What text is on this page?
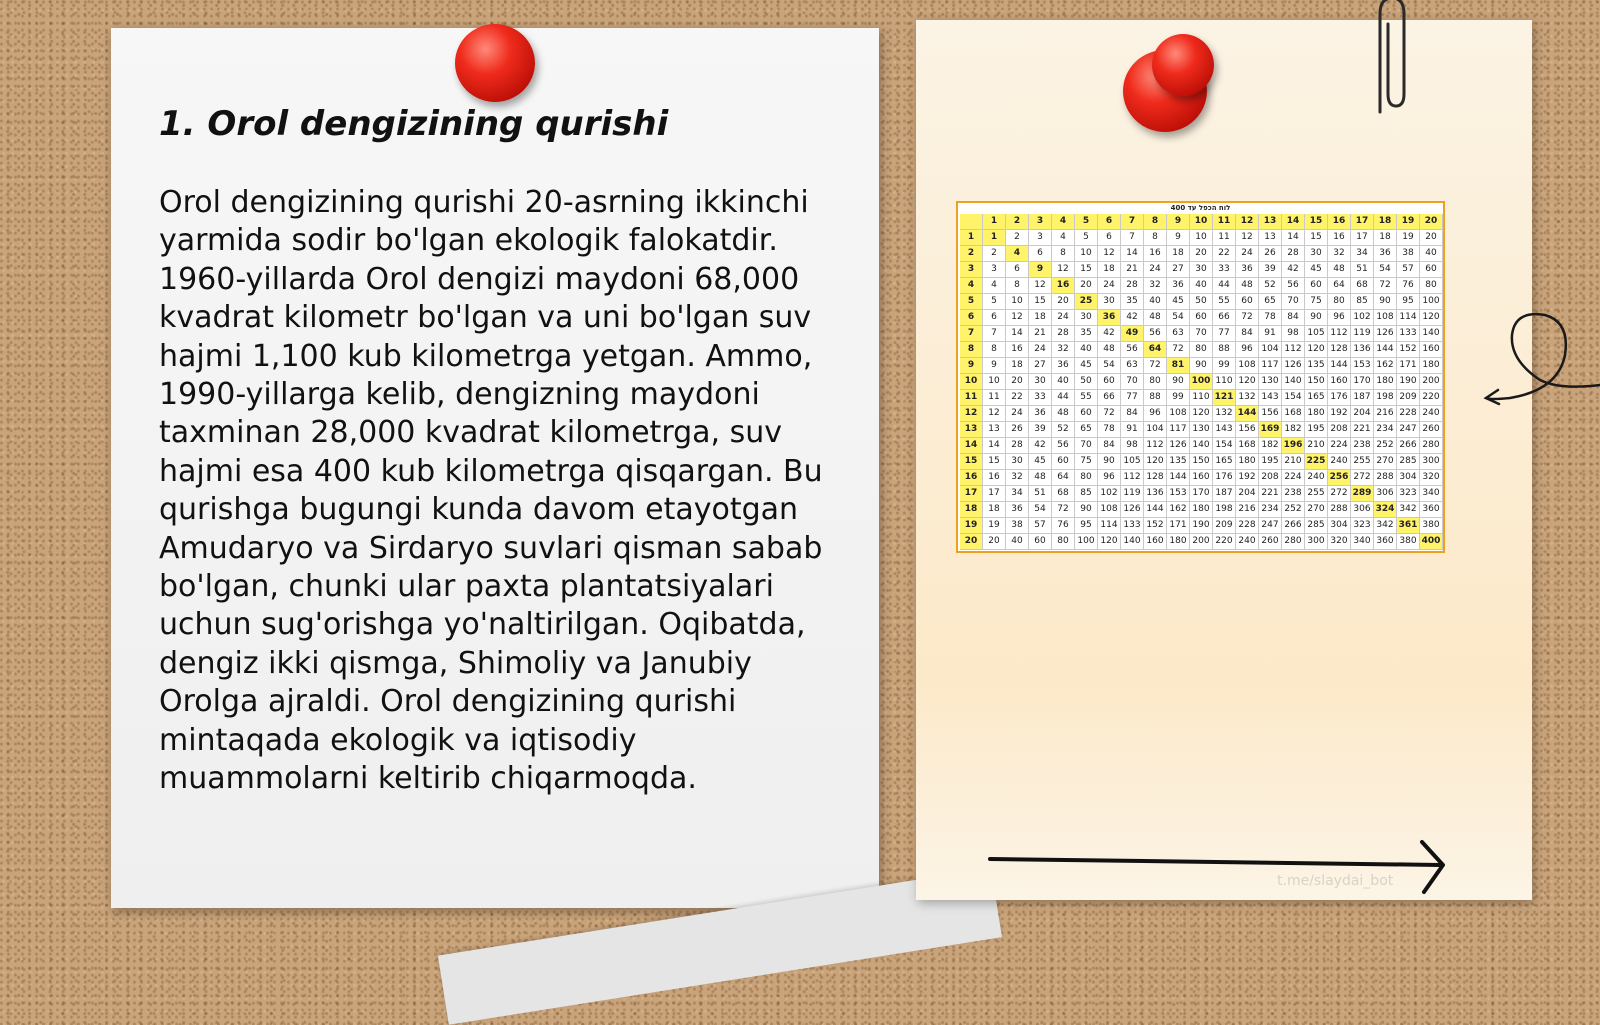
1. Orol dengizining qurishi

Orol dengizining qurishi 20-asrning ikkinchi yarmida sodir bo'lgan ekologik falokatdir. 1960-yillarda Orol dengizi maydoni 68,000 kvadrat kilometr bo'lgan va uni bo'lgan suv hajmi 1,100 kub kilometrga yetgan. Ammo, 1990-yillarga kelib, dengizning maydoni taxminan 28,000 kvadrat kilometrga, suv hajmi esa 400 kub kilometrga qisqargan. Bu qurishga bugungi kunda davom etayotgan Amudaryo va Sirdaryo suvlari qisman sabab bo'lgan, chunki ular paxta plantatsiyalari uchun sug'orishga yo'naltirilgan. Oqibatda, dengiz ikki qismga, Shimoliy va Janubiy Orolga ajraldi. Orol dengizining qurishi mintaqada ekologik va iqtisodiy muammolarni keltirib chiqarmoqda.

לוח הכפל עד 400
1	2	3	4	5	6	7	8	9	10	11	12	13	14	15	16	17	18	19	20
1	1	2	3	4	5	6	7	8	9	10	11	12	13	14	15	16	17	18	19	20
2	2	4	6	8	10	12	14	16	18	20	22	24	26	28	30	32	34	36	38	40
3	3	6	9	12	15	18	21	24	27	30	33	36	39	42	45	48	51	54	57	60
4	4	8	12	16	20	24	28	32	36	40	44	48	52	56	60	64	68	72	76	80
5	5	10	15	20	25	30	35	40	45	50	55	60	65	70	75	80	85	90	95 100
6	6	12	18	24	30	36	42	48	54	60	66	72	78	84	90	96 102 108 114 120
7	7	14	21	28	35	42	49	56	63	70	77	84	91	98 105 112 119 126 133 140
8	8	16	24	32	40	48	56	64	72	80	88	96 104 112 120 128 136 144 152 160
9	9	18	27	36	45	54	63	72	81	90	99 108 117 126 135 144 153 162 171 180
10	10	20	30	40	50	60	70	80	90 100 110 120 130 140 150 160 170 180 190 200
11	11	22	33	44	55	66	77	88	99 110 121 132 143 154 165 176 187 198 209 220
12	12	24	36	48	60	72	84	96 108 120 132 144 156 168 180 192 204 216 228 240
13	13	26	39	52	65	78	91 104 117 130 143 156 169 182 195 208 221 234 247 260
14	14	28	42	56	70	84	98 112 126 140 154 168 182 196 210 224 238 252 266 280
15	15	30	45	60	75	90 105 120 135 150 165 180 195 210 225 240 255 270 285 300
16	16	32	48	64	80	96 112 128 144 160 176 192 208 224 240 256 272 288 304 320
17	17	34	51	68	85 102 119 136 153 170 187 204 221 238 255 272 289 306 323 340
18	18	36	54	72	90 108 126 144 162 180 198 216 234 252 270 288 306 324 342 360
19	19	38	57	76	95 114 133 152 171 190 209 228 247 266 285 304 323 342 361 380
20	20	40	60	80 100 120 140 160 180 200 220 240 260 280 300 320 340 360 380 400
t.me/slaydai_bot
